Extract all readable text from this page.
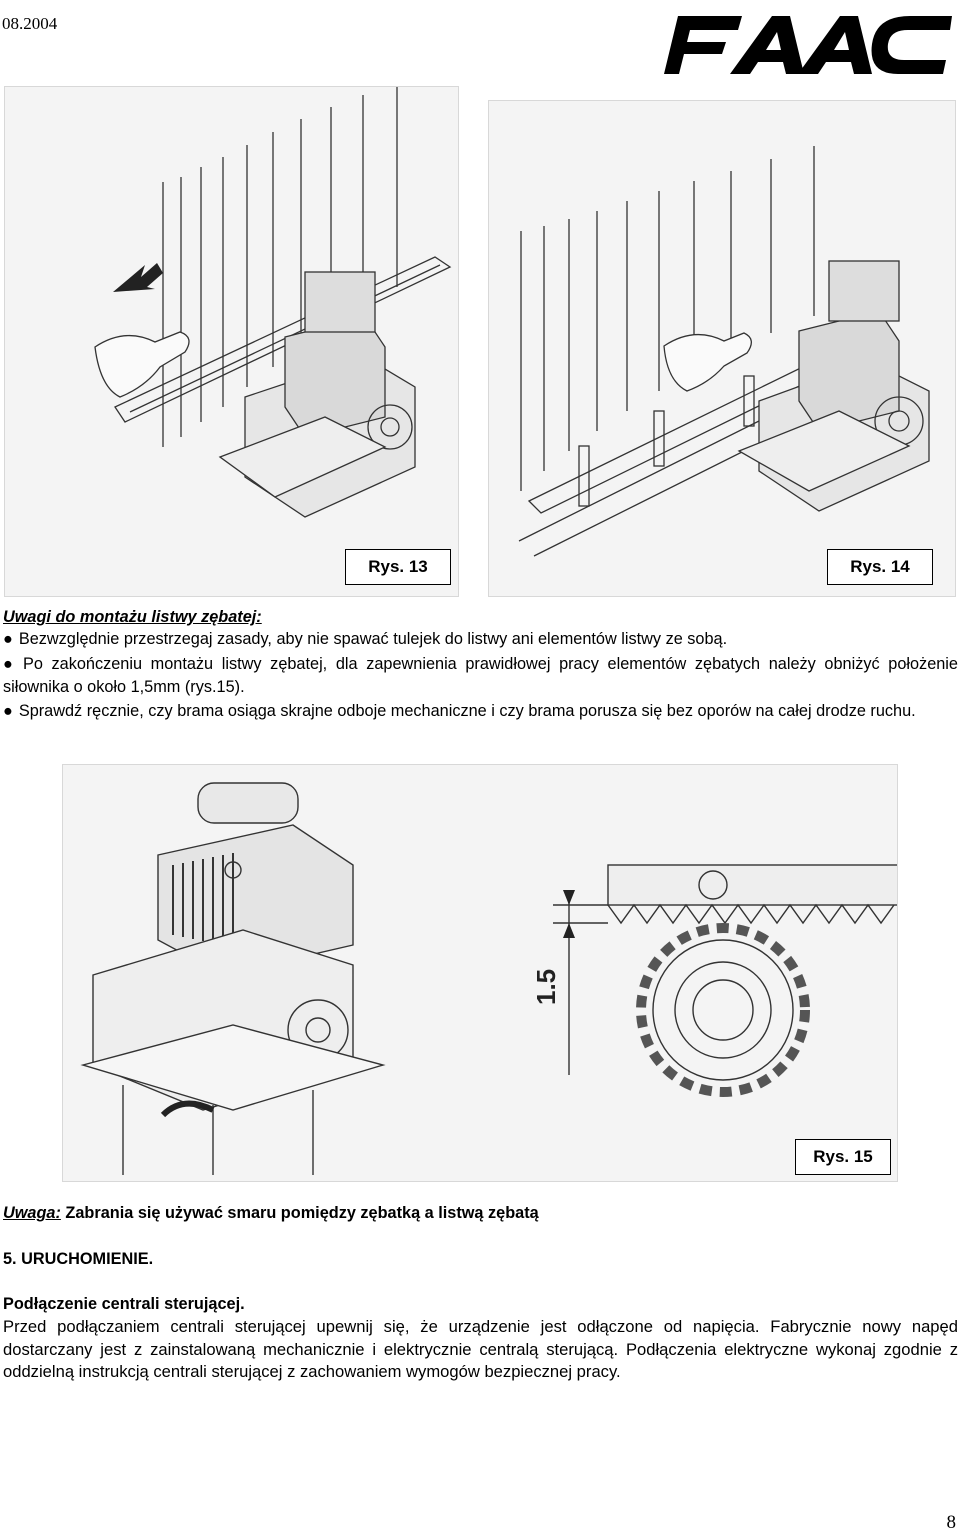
08.2004
Rys. 13	Rys. 14
Uwagi do montażu listwy zębatej:
● Bezwzględnie przestrzegaj zasady, aby nie spawać tulejek do listwy ani elementów listwy ze sobą.
● Po zakończeniu montażu listwy zębatej, dla zapewnienia prawidłowej pracy elementów zębatych należy obniżyć położenie siłownika o około 1,5mm (rys.15).
● Sprawdź ręcznie, czy brama osiąga skrajne odboje mechaniczne i czy brama porusza się bez oporów na całej drodze ruchu.
1.5
Rys. 15
Uwaga: Zabrania się używać smaru pomiędzy zębatką a listwą zębatą
5. URUCHOMIENIE.
Podłączenie centrali sterującej.
Przed podłączaniem centrali sterującej upewnij się, że urządzenie jest odłączone od napięcia. Fabrycznie nowy napęd dostarczany jest z zainstalowaną mechanicznie i elektrycznie centralą sterującą. Podłączenia elektryczne wykonaj zgodnie z oddzielną instrukcją centrali sterującej z zachowaniem wymogów bezpiecznej pracy.
8
